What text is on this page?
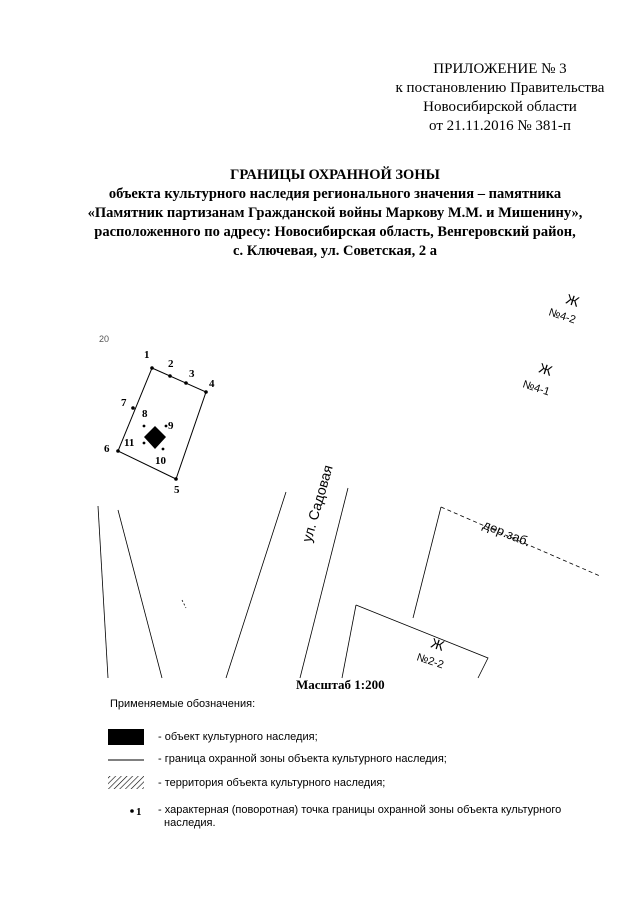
ПРИЛОЖЕНИЕ № 3
к постановлению Правительства
Новосибирской области
от 21.11.2016 № 381-п
ГРАНИЦЫ ОХРАННОЙ ЗОНЫ
объекта культурного наследия регионального значения – памятника
«Памятник партизанам Гражданской войны Маркову М.М. и Мишенину»,
расположенного по адресу: Новосибирская область, Венгеровский район,
с. Ключевая, ул. Советская, 2 а
1
2
3
4
5
6
7
8
9
10
11
20
ул. Садовая	дер.заб.
Ж
№4-2
Ж
№4-1
Ж
№2-2
Масштаб 1:200
Применяемые обозначения:
- объект культурного наследия;
- граница охранной зоны объекта культурного наследия;
- территория объекта культурного наследия;
1 - характерная (поворотная) точка границы охранной зоны объекта культурного
наследия.
